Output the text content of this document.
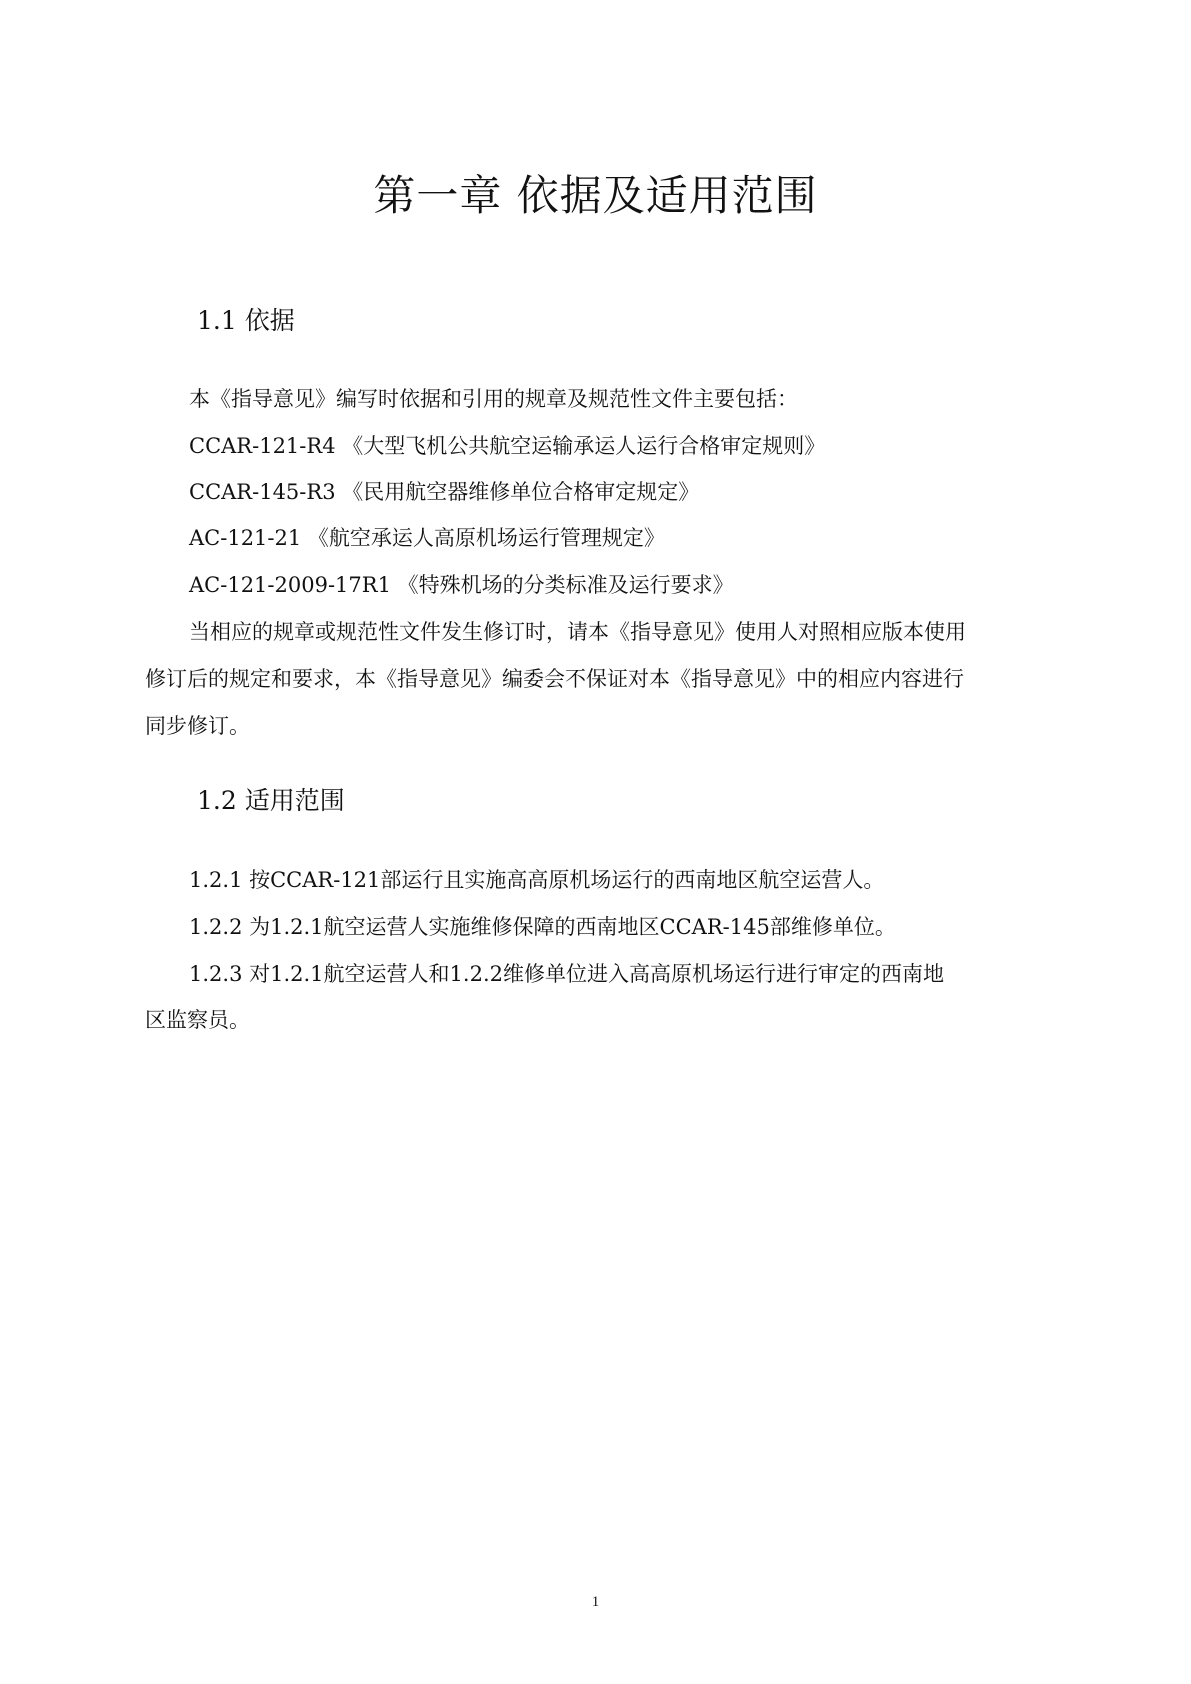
第一章 依据及适用范围
1.1 依据
本《指导意见》编写时依据和引用的规章及规范性文件主要包括：
CCAR-121-R4 《大型飞机公共航空运输承运人运行合格审定规则》
CCAR-145-R3 《民用航空器维修单位合格审定规定》
AC-121-21 《航空承运人高原机场运行管理规定》
AC-121-2009-17R1 《特殊机场的分类标准及运行要求》
当相应的规章或规范性文件发生修订时，请本《指导意见》使用人对照相应版本使用
修订后的规定和要求，本《指导意见》编委会不保证对本《指导意见》中的相应内容进行
同步修订。
1.2 适用范围
1.2.1 按CCAR-121部运行且实施高高原机场运行的西南地区航空运营人。
1.2.2 为1.2.1航空运营人实施维修保障的西南地区CCAR-145部维修单位。
1.2.3 对1.2.1航空运营人和1.2.2维修单位进入高高原机场运行进行审定的西南地
区监察员。
1
